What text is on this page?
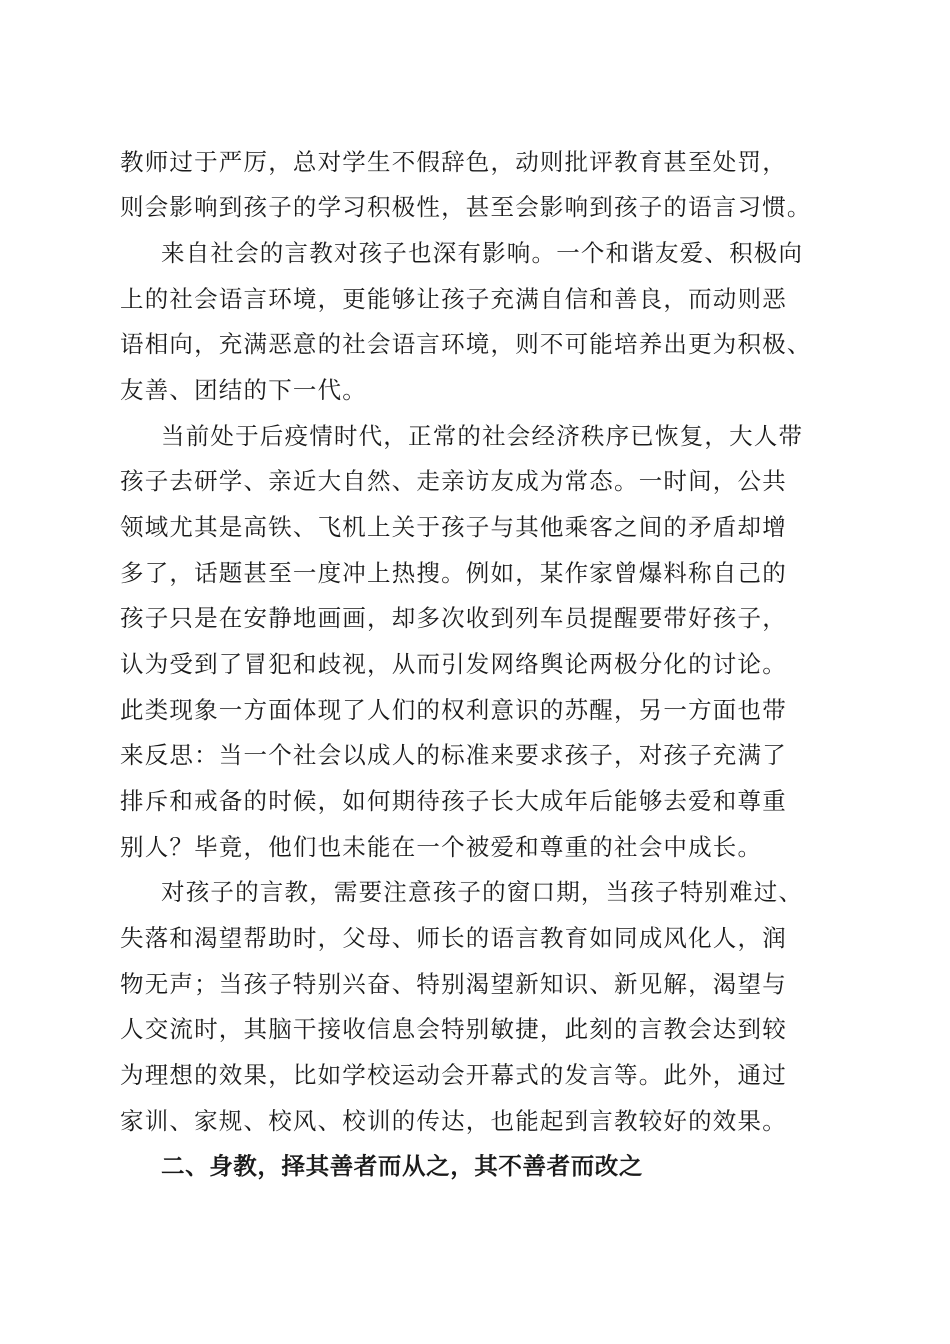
教师过于严厉，总对学生不假辞色，动则批评教育甚至处罚，
则会影响到孩子的学习积极性，甚至会影响到孩子的语言习惯。
来自社会的言教对孩子也深有影响。一个和谐友爱、积极向
上的社会语言环境，更能够让孩子充满自信和善良，而动则恶
语相向，充满恶意的社会语言环境，则不可能培养出更为积极、
友善、团结的下一代。
当前处于后疫情时代，正常的社会经济秩序已恢复，大人带
孩子去研学、亲近大自然、走亲访友成为常态。一时间，公共
领域尤其是高铁、飞机上关于孩子与其他乘客之间的矛盾却增
多了，话题甚至一度冲上热搜。例如，某作家曾爆料称自己的
孩子只是在安静地画画，却多次收到列车员提醒要带好孩子，
认为受到了冒犯和歧视，从而引发网络舆论两极分化的讨论。
此类现象一方面体现了人们的权利意识的苏醒，另一方面也带
来反思：当一个社会以成人的标准来要求孩子，对孩子充满了
排斥和戒备的时候，如何期待孩子长大成年后能够去爱和尊重
别人？毕竟，他们也未能在一个被爱和尊重的社会中成长。
对孩子的言教，需要注意孩子的窗口期，当孩子特别难过、
失落和渴望帮助时，父母、师长的语言教育如同成风化人，润
物无声；当孩子特别兴奋、特别渴望新知识、新见解，渴望与
人交流时，其脑干接收信息会特别敏捷，此刻的言教会达到较
为理想的效果，比如学校运动会开幕式的发言等。此外，通过
家训、家规、校风、校训的传达，也能起到言教较好的效果。
二、身教，择其善者而从之，其不善者而改之
